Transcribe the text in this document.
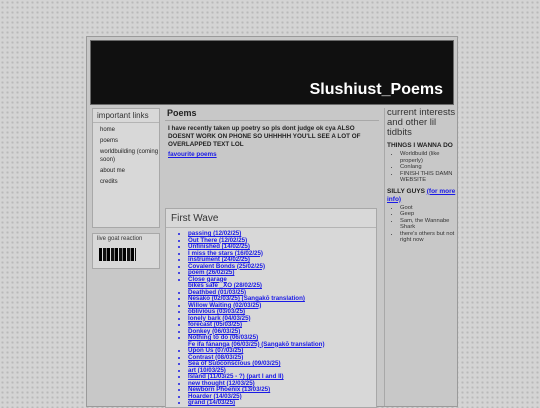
Slushiust_Poems
important links
home
poems
worldbuilding (coming soon)
about me
credits
live goat reaction
Poems
I have recently taken up poetry so pls dont judge ok cya ALSO DOESNT WORK ON PHONE SO UHHHHH YOU'LL SEE A LOT OF OVERLAPPED TEXT LOL
favourite poems
First Wave
• passing (12/02/25)
• Out There (12/02/25)
• Unfinished (14/02/25)
• I miss the stars (16/02/25)
• instrument (24/02/25)
• Covalent Bonds (25/02/25)
• poem (26/02/25)
• Close garage
bikes safe _XO (28/02/25)
• Deathbed (01/03/25)
• Nesakō (02/03/25) (Sangakō translation)
• Willow Waiting (02/03/25)
• oblivious (03/03/25)
• lonely bark (04/03/25)
• forecast (05/03/25)
• Donkey (06/03/25)
• Nothing to do (06/03/25)
Fe ifa fánanga (06/03/25) (Sangakō translation)
• Upon Us (07/03/25)
• Contrast (08/03/25)
• Sea of Subconscious (09/03/25)
• art (10/03/25)
• Island (11/03/25 - ?) (part I and II)
• new thought (12/03/25)
• Newborn Phoenix (13/03/25)
• Hoarder (14/03/25)
• grand (14/03/25)
current interests and other lil tidbits
THINGS I WANNA DO
• Worldbuild (like properly)
• Conlang
• FINISH THIS DAMN WEBSITE
SILLY GUYS (for more info)
• Goot
• Geep
• Sam, the Wannabe Shark
• there's others but not right now
